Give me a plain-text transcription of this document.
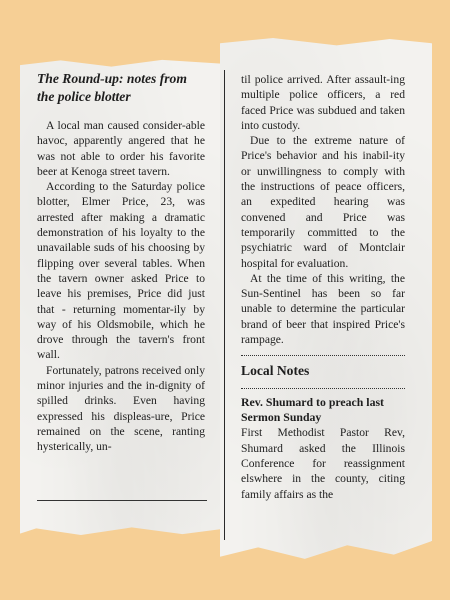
The Round-up: notes from the police blotter

A local man caused consider-able havoc, apparently angered that he was not able to order his favorite beer at Kenoga street tavern.

According to the Saturday police blotter, Elmer Price, 23, was arrested after making a dramatic demonstration of his loyalty to the unavailable suds of his choosing by flipping over several tables. When the tavern owner asked Price to leave his premises, Price did just that - returning momentar-ily by way of his Oldsmobile, which he drove through the tavern's front wall.

Fortunately, patrons received only minor injuries and the in-dignity of spilled drinks. Even having expressed his displeas-ure, Price remained on the scene, ranting hysterically, un-

til police arrived. After assault-ing multiple police officers, a red faced Price was subdued and taken into custody.

Due to the extreme nature of Price's behavior and his inabil-ity or unwillingness to comply with the instructions of peace officers, an expedited hearing was convened and Price was temporarily committed to the psychiatric ward of Montclair hospital for evaluation.

At the time of this writing, the Sun-Sentinel has been so far unable to determine the particular brand of beer that inspired Price's rampage.

Local Notes
Rev. Shumard to preach last Sermon Sunday

First Methodist Pastor Rev, Shumard asked the Illinois Conference for reassignment elswhere in the county, citing family affairs as the
